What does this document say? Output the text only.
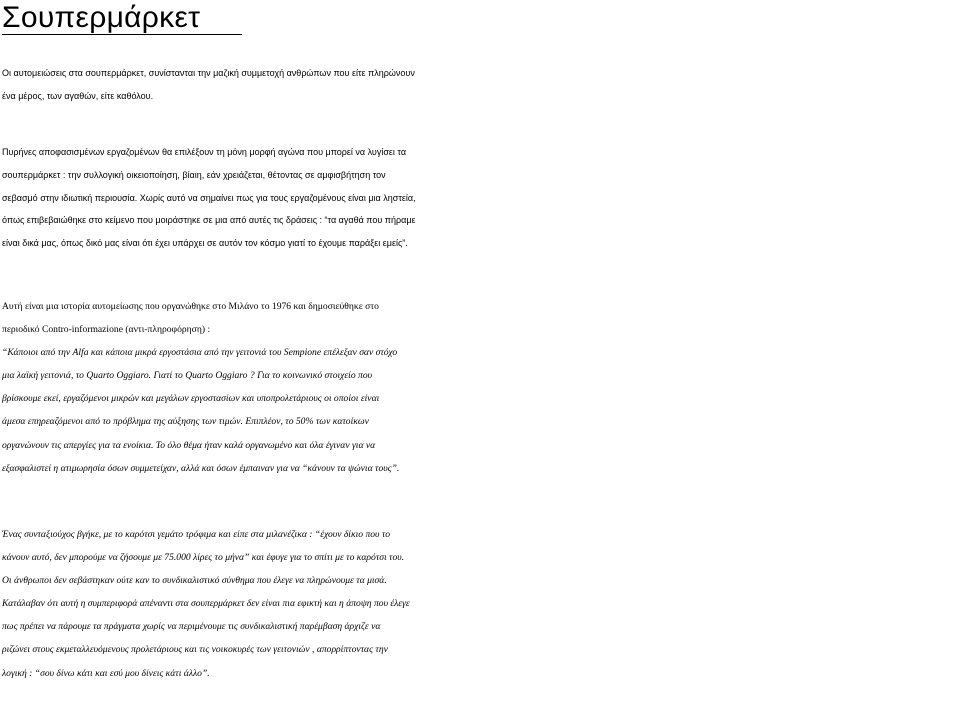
Σουπερμάρκετ

Οι αυτομειώσεις στα σουπερμάρκετ, συνίστανται την μαζική συμμετοχή ανθρώπων που είτε πληρώνουν
ένα μέρος, των αγαθών, είτε καθόλου.

Πυρήνες αποφασισμένων εργαζομένων θα επιλέξουν τη μόνη μορφή αγώνα που μπορεί να λυγίσει τα
σουπερμάρκετ : την συλλογική οικειοποίηση, βίαιη, εάν χρειάζεται, θέτοντας σε αμφισβήτηση τον
σεβασμό στην ιδιωτική περιουσία. Χωρίς αυτό να σημαίνει πως για τους εργαζομένους είναι μια ληστεία,
όπως επιβεβαιώθηκε στο κείμενο που μοιράστηκε σε μια από αυτές τις δράσεις : “τα αγαθά που πήραμε
είναι δικά μας, όπως δικό μας είναι ότι έχει υπάρχει σε αυτόν τον κόσμο γιατί το έχουμε παράξει εμείς”.

Αυτή είναι μια ιστορία αυτομείωσης που οργανώθηκε στο Μιλάνο το 1976 και δημοσιεύθηκε στο
περιοδικό Contro-informazione (αντι-πληροφόρηση) :
“Κάποιοι από την Alfa και κάποια μικρά εργοστάσια από την γειτονιά του Sempione επέλεξαν σαν στόχο
μια λαϊκή γειτονιά, το Quarto Oggiaro. Γιατί το Quarto Oggiaro ? Για το κοινωνικό στοιχείο που
βρίσκουμε εκεί, εργαζόμενοι μικρών και μεγάλων εργοστασίων και υποπρολετάριους οι οποίοι είναι
άμεσα επηρεαζόμενοι από το πρόβλημα της αύξησης των τιμών. Επιπλέον, το 50% των κατοίκων
οργανώνουν τις απεργίες για τα ενοίκια. Το όλο θέμα ήταν καλά οργανωμένο και όλα έγιναν για να
εξασφαλιστεί η ατιμωρησία όσων συμμετείχαν, αλλά και όσων έμπαιναν για να “κάνουν τα ψώνια τους”.
Ένας συνταξιούχος βγήκε, με το καρότσι γεμάτο τρόφιμα και είπε στα μιλανέζικα : “έχουν δίκιο που το
κάνουν αυτό, δεν μπορούμε να ζήσουμε με 75.000 λίρες το μήνα” και έφυγε για το σπίτι με το καρότσι του.
Οι άνθρωποι δεν σεβάστηκαν ούτε καν το συνδικαλιστικό σύνθημα που έλεγε να πληρώνουμε τα μισά.
Κατάλαβαν ότι αυτή η συμπεριφορά απέναντι στα σουπερμάρκετ δεν είναι πια εφικτή και η άποψη που έλεγε
πως πρέπει να πάρουμε τα πράγματα χωρίς να περιμένουμε τις συνδικαλιστική παρέμβαση άρχιζε να
ριζώνει στους εκμεταλλευόμενους προλετάριους και τις νοικοκυρές των γειτονιών , απορρίπτοντας την
λογική : “σου δίνω κάτι και εσύ μου δίνεις κάτι άλλο”.
